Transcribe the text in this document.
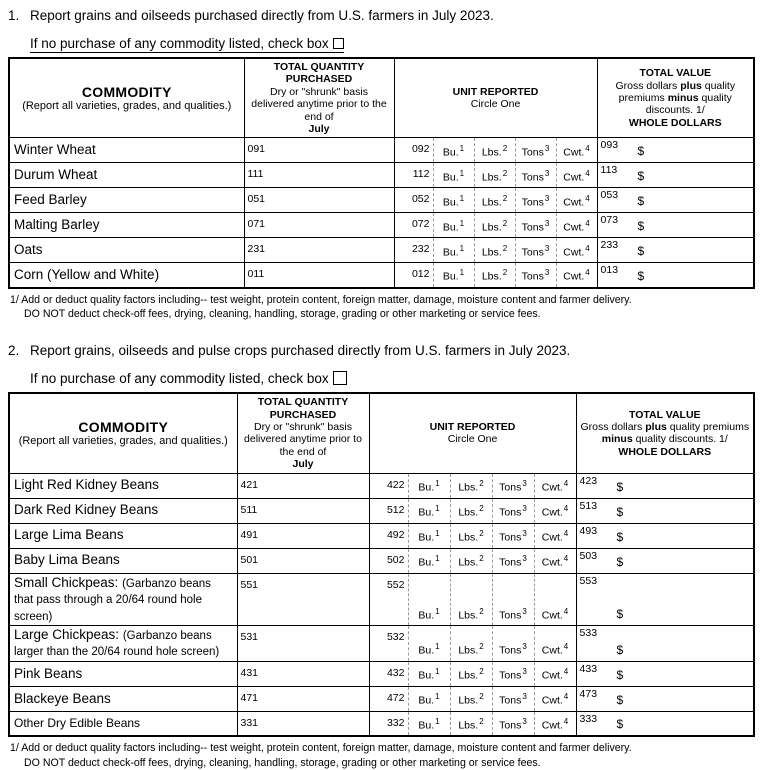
1. Report grains and oilseeds purchased directly from U.S. farmers in July 2023.

If no purchase of any commodity listed, check box

COMMODITY
(Report all varieties, grades, and qualities.)

TOTAL QUANTITY PURCHASED
Dry or "shrunk" basis delivered anytime prior to the end of
July

UNIT REPORTED
Circle One

TOTAL VALUE
Gross dollars plus quality premiums minus quality discounts. 1/
WHOLE DOLLARS

Winter Wheat	091	092	Bu.$^1$	Lbs.$^2$	Tons$^3$	Cwt.$^4$	093 $

Durum Wheat	111	112	Bu.$^1$	Lbs.$^2$	Tons$^3$	Cwt.$^4$	113 $

Feed Barley	051	052	Bu.$^1$	Lbs.$^2$	Tons$^3$	Cwt.$^4$	053 $

Malting Barley	071	072	Bu.$^1$	Lbs.$^2$	Tons$^3$	Cwt.$^4$	073 $

Oats	231	232	Bu.$^1$	Lbs.$^2$	Tons$^3$	Cwt.$^4$	233 $

Corn (Yellow and White)	011	012	Bu.$^1$	Lbs.$^2$	Tons$^3$	Cwt.$^4$	013 $
1/ Add or deduct quality factors including-- test weight, protein content, foreign matter, damage, moisture content and farmer delivery.
DO NOT deduct check-off fees, drying, cleaning, handling, storage, grading or other marketing or service fees.

2. Report grains, oilseeds and pulse crops purchased directly from U.S. farmers in July 2023.

If no purchase of any commodity listed, check box

COMMODITY
(Report all varieties, grades, and qualities.)

TOTAL QUANTITY PURCHASED
Dry or "shrunk" basis delivered anytime prior to the end of
July

UNIT REPORTED
Circle One

TOTAL VALUE
Gross dollars plus quality premiums minus quality discounts. 1/
WHOLE DOLLARS

Light Red Kidney Beans	421	422	Bu.$^1$	Lbs.$^2$	Tons$^3$	Cwt.$^4$	423 $

Dark Red Kidney Beans	511	512	Bu.$^1$	Lbs.$^2$	Tons$^3$	Cwt.$^4$	513 $

Large Lima Beans	491	492	Bu.$^1$	Lbs.$^2$	Tons$^3$	Cwt.$^4$	493 $

Baby Lima Beans	501	502	Bu.$^1$	Lbs.$^2$	Tons$^3$	Cwt.$^4$	503 $

Small Chickpeas: (Garbanzo beans that pass through a 20/64 round hole screen)	551	552	Bu.$^1$	Lbs.$^2$	Tons$^3$	Cwt.$^4$	553
$

Large Chickpeas: (Garbanzo beans larger than the 20/64 round hole screen)	531	532	Bu.$^1$	Lbs.$^2$	Tons$^3$	Cwt.$^4$	533
$

Pink Beans	431	432	Bu.$^1$	Lbs.$^2$	Tons$^3$	Cwt.$^4$	433 $

Blackeye Beans	471	472	Bu.$^1$	Lbs.$^2$	Tons$^3$	Cwt.$^4$	473 $

Other Dry Edible Beans	331	332	Bu.$^1$	Lbs.$^2$	Tons$^3$	Cwt.$^4$	333 $
1/ Add or deduct quality factors including-- test weight, protein content, foreign matter, damage, moisture content and farmer delivery.
DO NOT deduct check-off fees, drying, cleaning, handling, storage, grading or other marketing or service fees.
